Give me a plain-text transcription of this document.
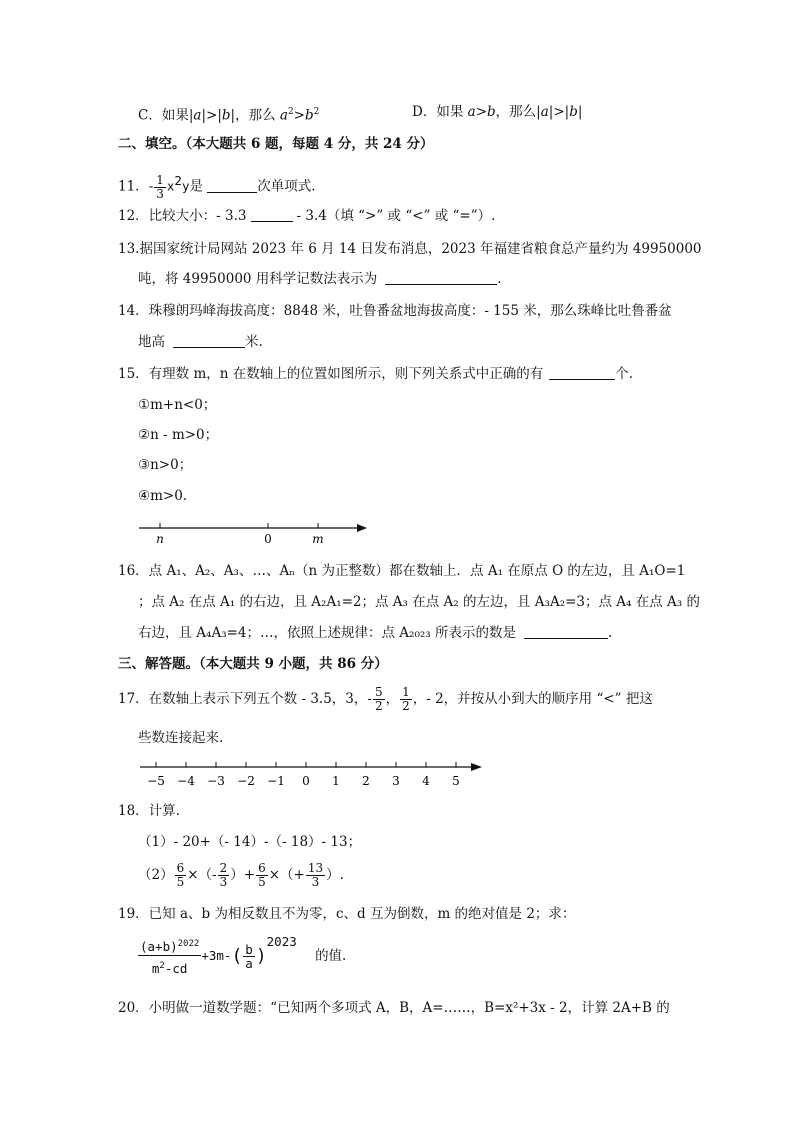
C．如果|a|>|b|，那么 $a^2>b^2$	D．如果 a>b，那么|a|>|b|
二、填空。（本大题共 6 题，每题 4 分，共 24 分）
11．- $\frac{1}{3} x^2y$是	次单项式.
12．比较大小：- 3.3	- 3.4（填 “>” 或 “<” 或 “=”）.
13.据国家统计局网站 2023 年 6 月 14 日发布消息，2023 年福建省粮食总产量约为 49950000
吨，将 49950000 用科学记数法表示为	.
14．珠穆朗玛峰海拔高度：8848 米，吐鲁番盆地海拔高度：- 155 米，那么珠峰比吐鲁番盆
地高	米.
15．有理数 m，n 在数轴上的位置如图所示，则下列关系式中正确的有	个.
①m+n<0；
②n - m>0；
③n>0；
④m>0.
n	0	m
16．点 A₁、A₂、A₃、…、Aₙ（n 为正整数）都在数轴上．点 A₁ 在原点 O 的左边，且 A₁O=1
；点 A₂ 在点 A₁ 的右边，且 A₂A₁=2；点 A₃ 在点 A₂ 的左边，且 A₃A₂=3；点 A₄ 在点 A₃ 的
右边，且 A₄A₃=4；…，依照上述规律：点 A₂₀₂₃ 所表示的数是	.
三、解答题。（本大题共 9 小题，共 86 分）
17．在数轴上表示下列五个数 - 3.5，3，- $\frac{5}{2}$ ， $\frac{1}{2}$ ，- 2，并按从小到大的顺序用 “<” 把这
些数连接起来.
−5 −4 −3 −2 −1 0 1 2 3 4 5
18．计算.
（1）- 20+（- 14）-（- 18）- 13；
$(2) \frac{6}{5}$ ×（- $\frac{2}{3}$ ）+ $\frac{6}{5}$ ×（+ $\frac{13}{3}$ ）.
19．已知 a、b 为相反数且不为零，c、d 互为倒数，m 的绝对值是 2；求：
$\frac{(a+b)^{2022}}{m^2-cd} +3m-( \frac{b}{a} )^{2023}$ 的值.
20．小明做一道数学题：“已知两个多项式 A，B，A=……，B=x²+3x - 2，计算 2A+B 的
